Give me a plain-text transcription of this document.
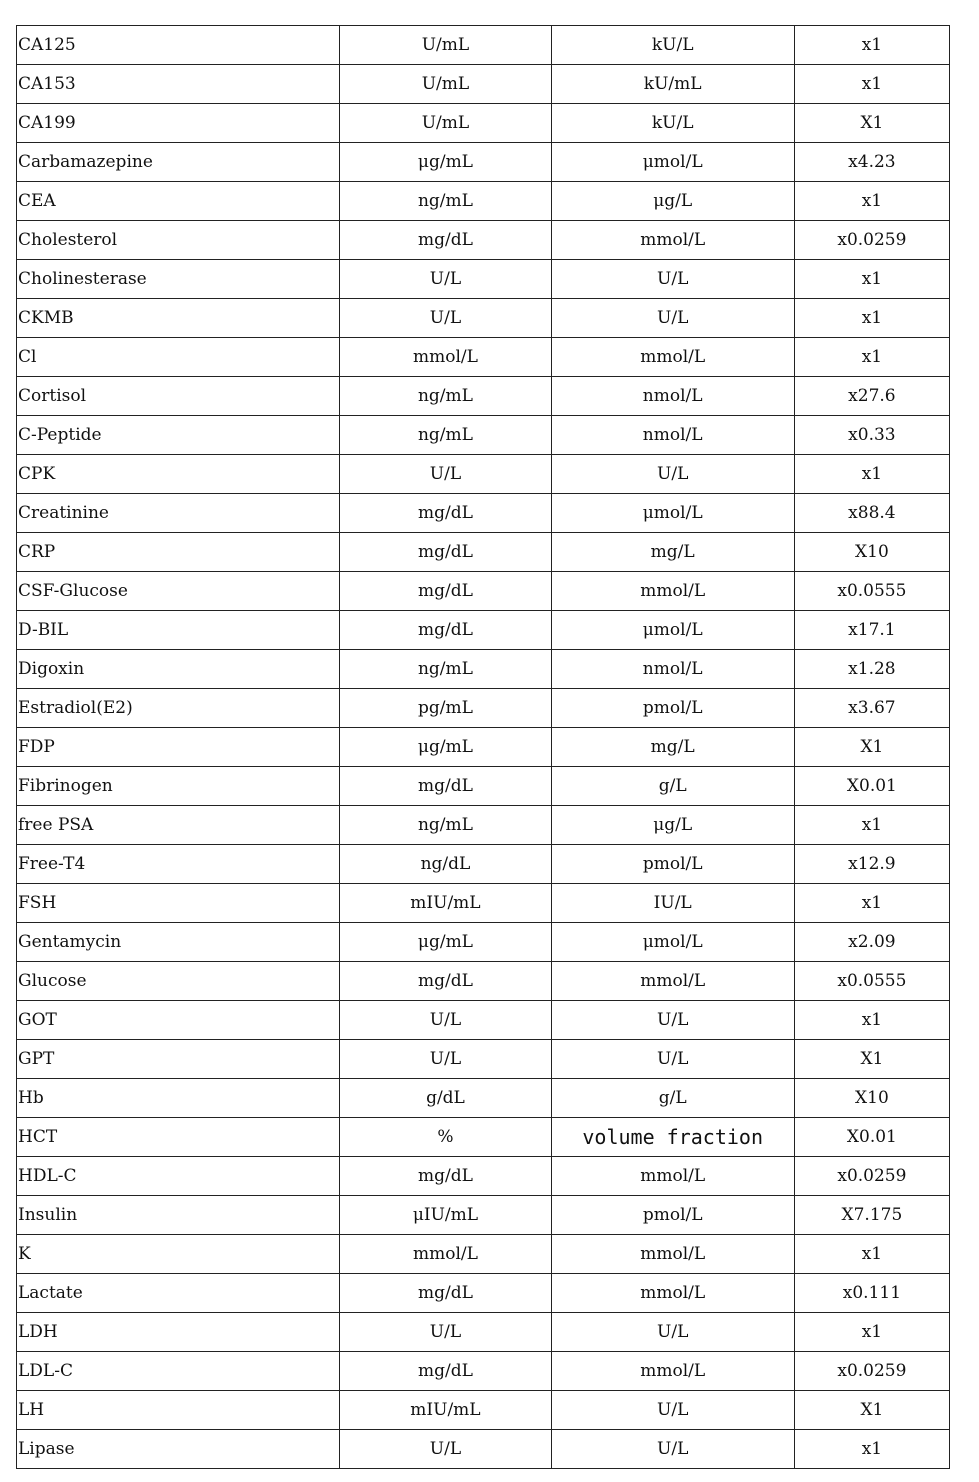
CA125	U/mL	kU/L	x1
CA153	U/mL	kU/mL	x1
CA199	U/mL	kU/L	X1
Carbamazepine	μg/mL	μmol/L	x4.23
CEA	ng/mL	μg/L	x1
Cholesterol	mg/dL	mmol/L	x0.0259
Cholinesterase	U/L	U/L	x1
CKMB	U/L	U/L	x1
Cl	mmol/L	mmol/L	x1
Cortisol	ng/mL	nmol/L	x27.6
C-Peptide	ng/mL	nmol/L	x0.33
CPK	U/L	U/L	x1
Creatinine	mg/dL	μmol/L	x88.4
CRP	mg/dL	mg/L	X10
CSF-Glucose	mg/dL	mmol/L	x0.0555
D-BIL	mg/dL	μmol/L	x17.1
Digoxin	ng/mL	nmol/L	x1.28
Estradiol(E2)	pg/mL	pmol/L	x3.67
FDP	μg/mL	mg/L	X1
Fibrinogen	mg/dL	g/L	X0.01
free PSA	ng/mL	μg/L	x1
Free-T4	ng/dL	pmol/L	x12.9
FSH	mIU/mL	IU/L	x1
Gentamycin	μg/mL	μmol/L	x2.09
Glucose	mg/dL	mmol/L	x0.0555
GOT	U/L	U/L	x1
GPT	U/L	U/L	X1
Hb	g/dL	g/L	X10
HCT	%	volume fraction	X0.01
HDL-C	mg/dL	mmol/L	x0.0259
Insulin	μIU/mL	pmol/L	X7.175
K	mmol/L	mmol/L	x1
Lactate	mg/dL	mmol/L	x0.111
LDH	U/L	U/L	x1
LDL-C	mg/dL	mmol/L	x0.0259
LH	mIU/mL	U/L	X1
Lipase	U/L	U/L	x1
